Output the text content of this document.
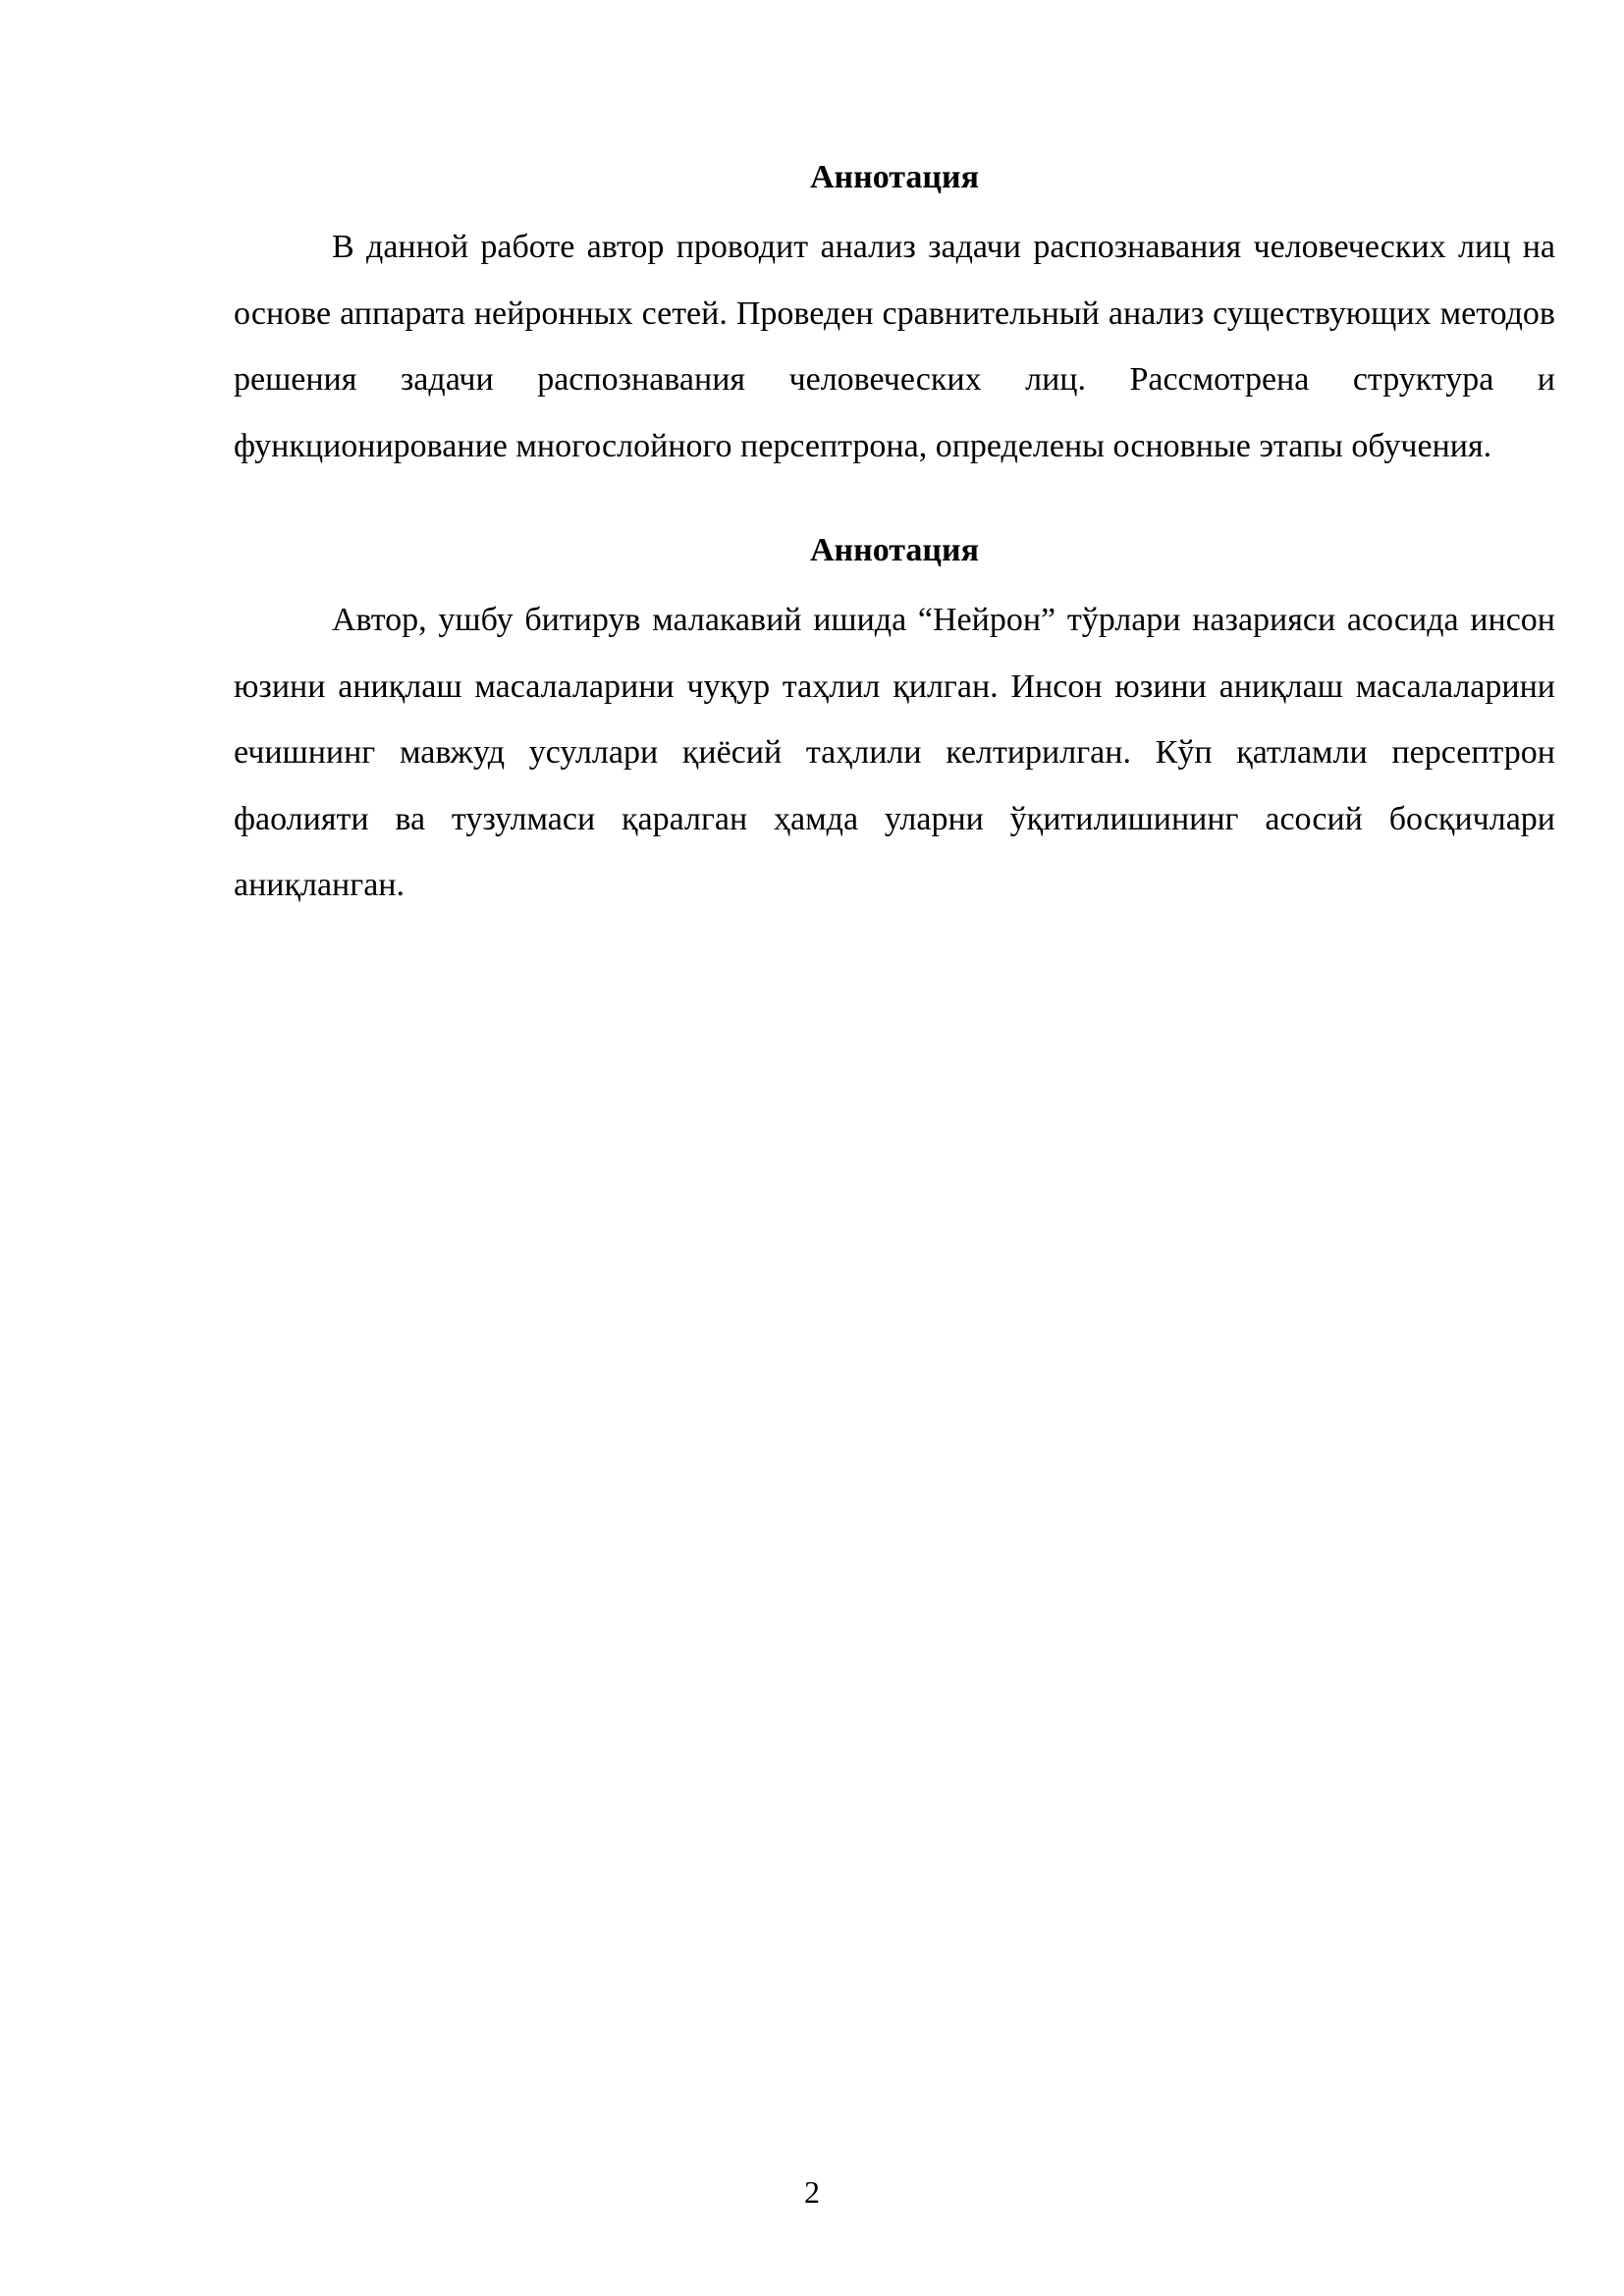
Аннотация

В данной работе автор проводит анализ задачи распознавания человеческих лиц на основе аппарата нейронных сетей. Проведен сравнительный анализ существующих методов решения задачи распознавания человеческих лиц. Рассмотрена структура и функционирование многослойного персептрона, определены основные этапы обучения.

Аннотация

Автор, ушбу битирув малакавий ишида “Нейрон” тўрлари назарияси асосида инсон юзини аниқлаш масалаларини чуқур таҳлил қилган. Инсон юзини аниқлаш масалаларини ечишнинг мавжуд усуллари қиёсий таҳлили келтирилган. Кўп қатламли персептрон фаолияти ва тузулмаси қаралган ҳамда уларни ўқитилишининг асосий босқичлари аниқланган.

2
